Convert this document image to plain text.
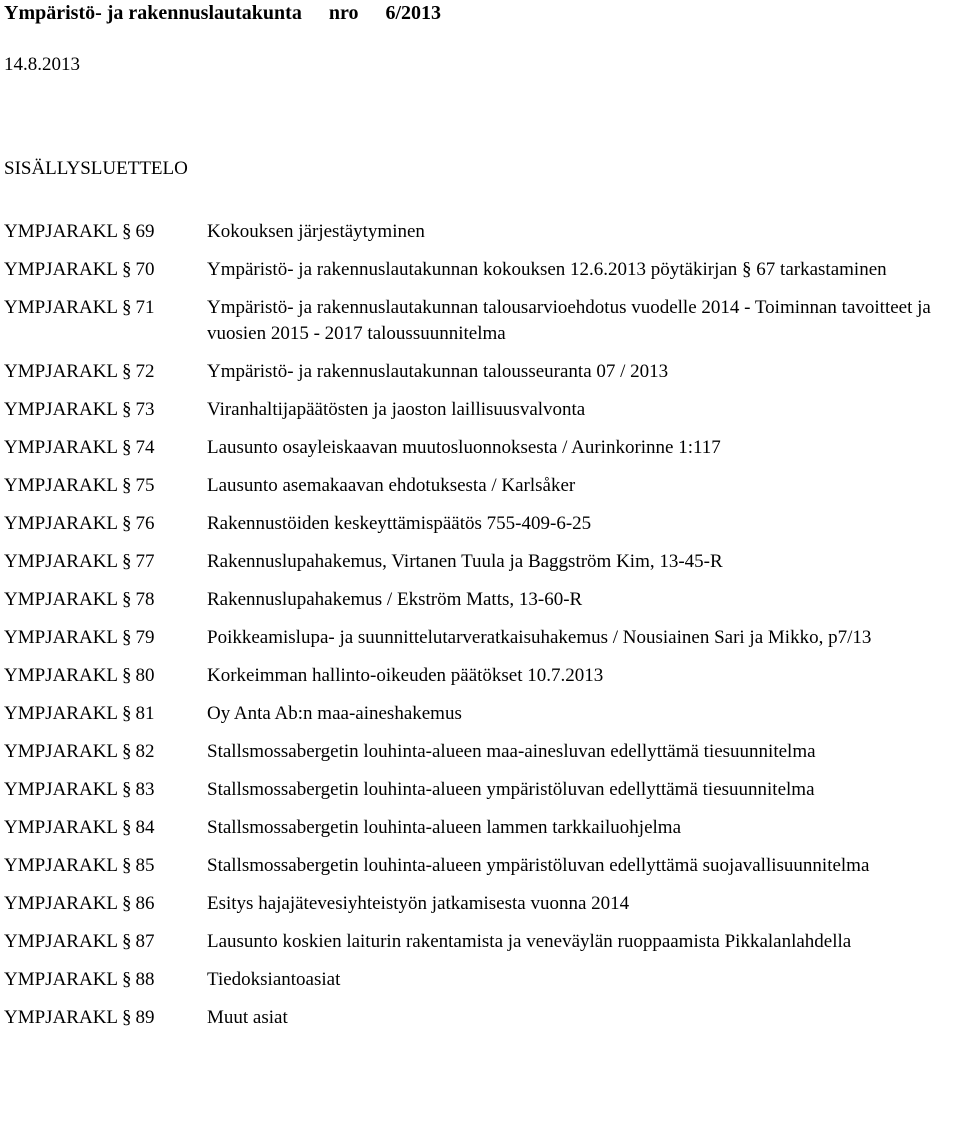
Ympäristö- ja rakennuslautakunta nro 6/2013
14.8.2013
SISÄLLYSLUETTELO
YMPJARAKL § 69	Kokouksen järjestäytyminen
YMPJARAKL § 70	Ympäristö- ja rakennuslautakunnan kokouksen 12.6.2013 pöytäkirjan § 67 tarkastaminen
YMPJARAKL § 71	Ympäristö- ja rakennuslautakunnan talousarvioehdotus vuodelle 2014 - Toiminnan tavoitteet ja vuosien 2015 - 2017 taloussuunnitelma
YMPJARAKL § 72	Ympäristö- ja rakennuslautakunnan talousseuranta 07 / 2013
YMPJARAKL § 73	Viranhaltijapäätösten ja jaoston laillisuusvalvonta
YMPJARAKL § 74	Lausunto osayleiskaavan muutosluonnoksesta / Aurinkorinne 1:117
YMPJARAKL § 75	Lausunto asemakaavan ehdotuksesta / Karlsåker
YMPJARAKL § 76	Rakennustöiden keskeyttämispäätös 755-409-6-25
YMPJARAKL § 77	Rakennuslupahakemus, Virtanen Tuula ja Baggström Kim, 13-45-R
YMPJARAKL § 78	Rakennuslupahakemus / Ekström Matts, 13-60-R
YMPJARAKL § 79	Poikkeamislupa- ja suunnittelutarveratkaisuhakemus / Nousiainen Sari ja Mikko, p7/13
YMPJARAKL § 80	Korkeimman hallinto-oikeuden päätökset 10.7.2013
YMPJARAKL § 81	Oy Anta Ab:n maa-aineshakemus
YMPJARAKL § 82	Stallsmossabergetin louhinta-alueen maa-ainesluvan edellyttämä tiesuunnitelma
YMPJARAKL § 83	Stallsmossabergetin louhinta-alueen ympäristöluvan edellyttämä tiesuunnitelma
YMPJARAKL § 84	Stallsmossabergetin louhinta-alueen lammen tarkkailuohjelma
YMPJARAKL § 85	Stallsmossabergetin louhinta-alueen ympäristöluvan edellyttämä suojavallisuunnitelma
YMPJARAKL § 86	Esitys hajajätevesiyhteistyön jatkamisesta vuonna 2014
YMPJARAKL § 87	Lausunto koskien laiturin rakentamista ja veneväylän ruoppaamista Pikkalanlahdella
YMPJARAKL § 88	Tiedoksiantoasiat
YMPJARAKL § 89	Muut asiat
